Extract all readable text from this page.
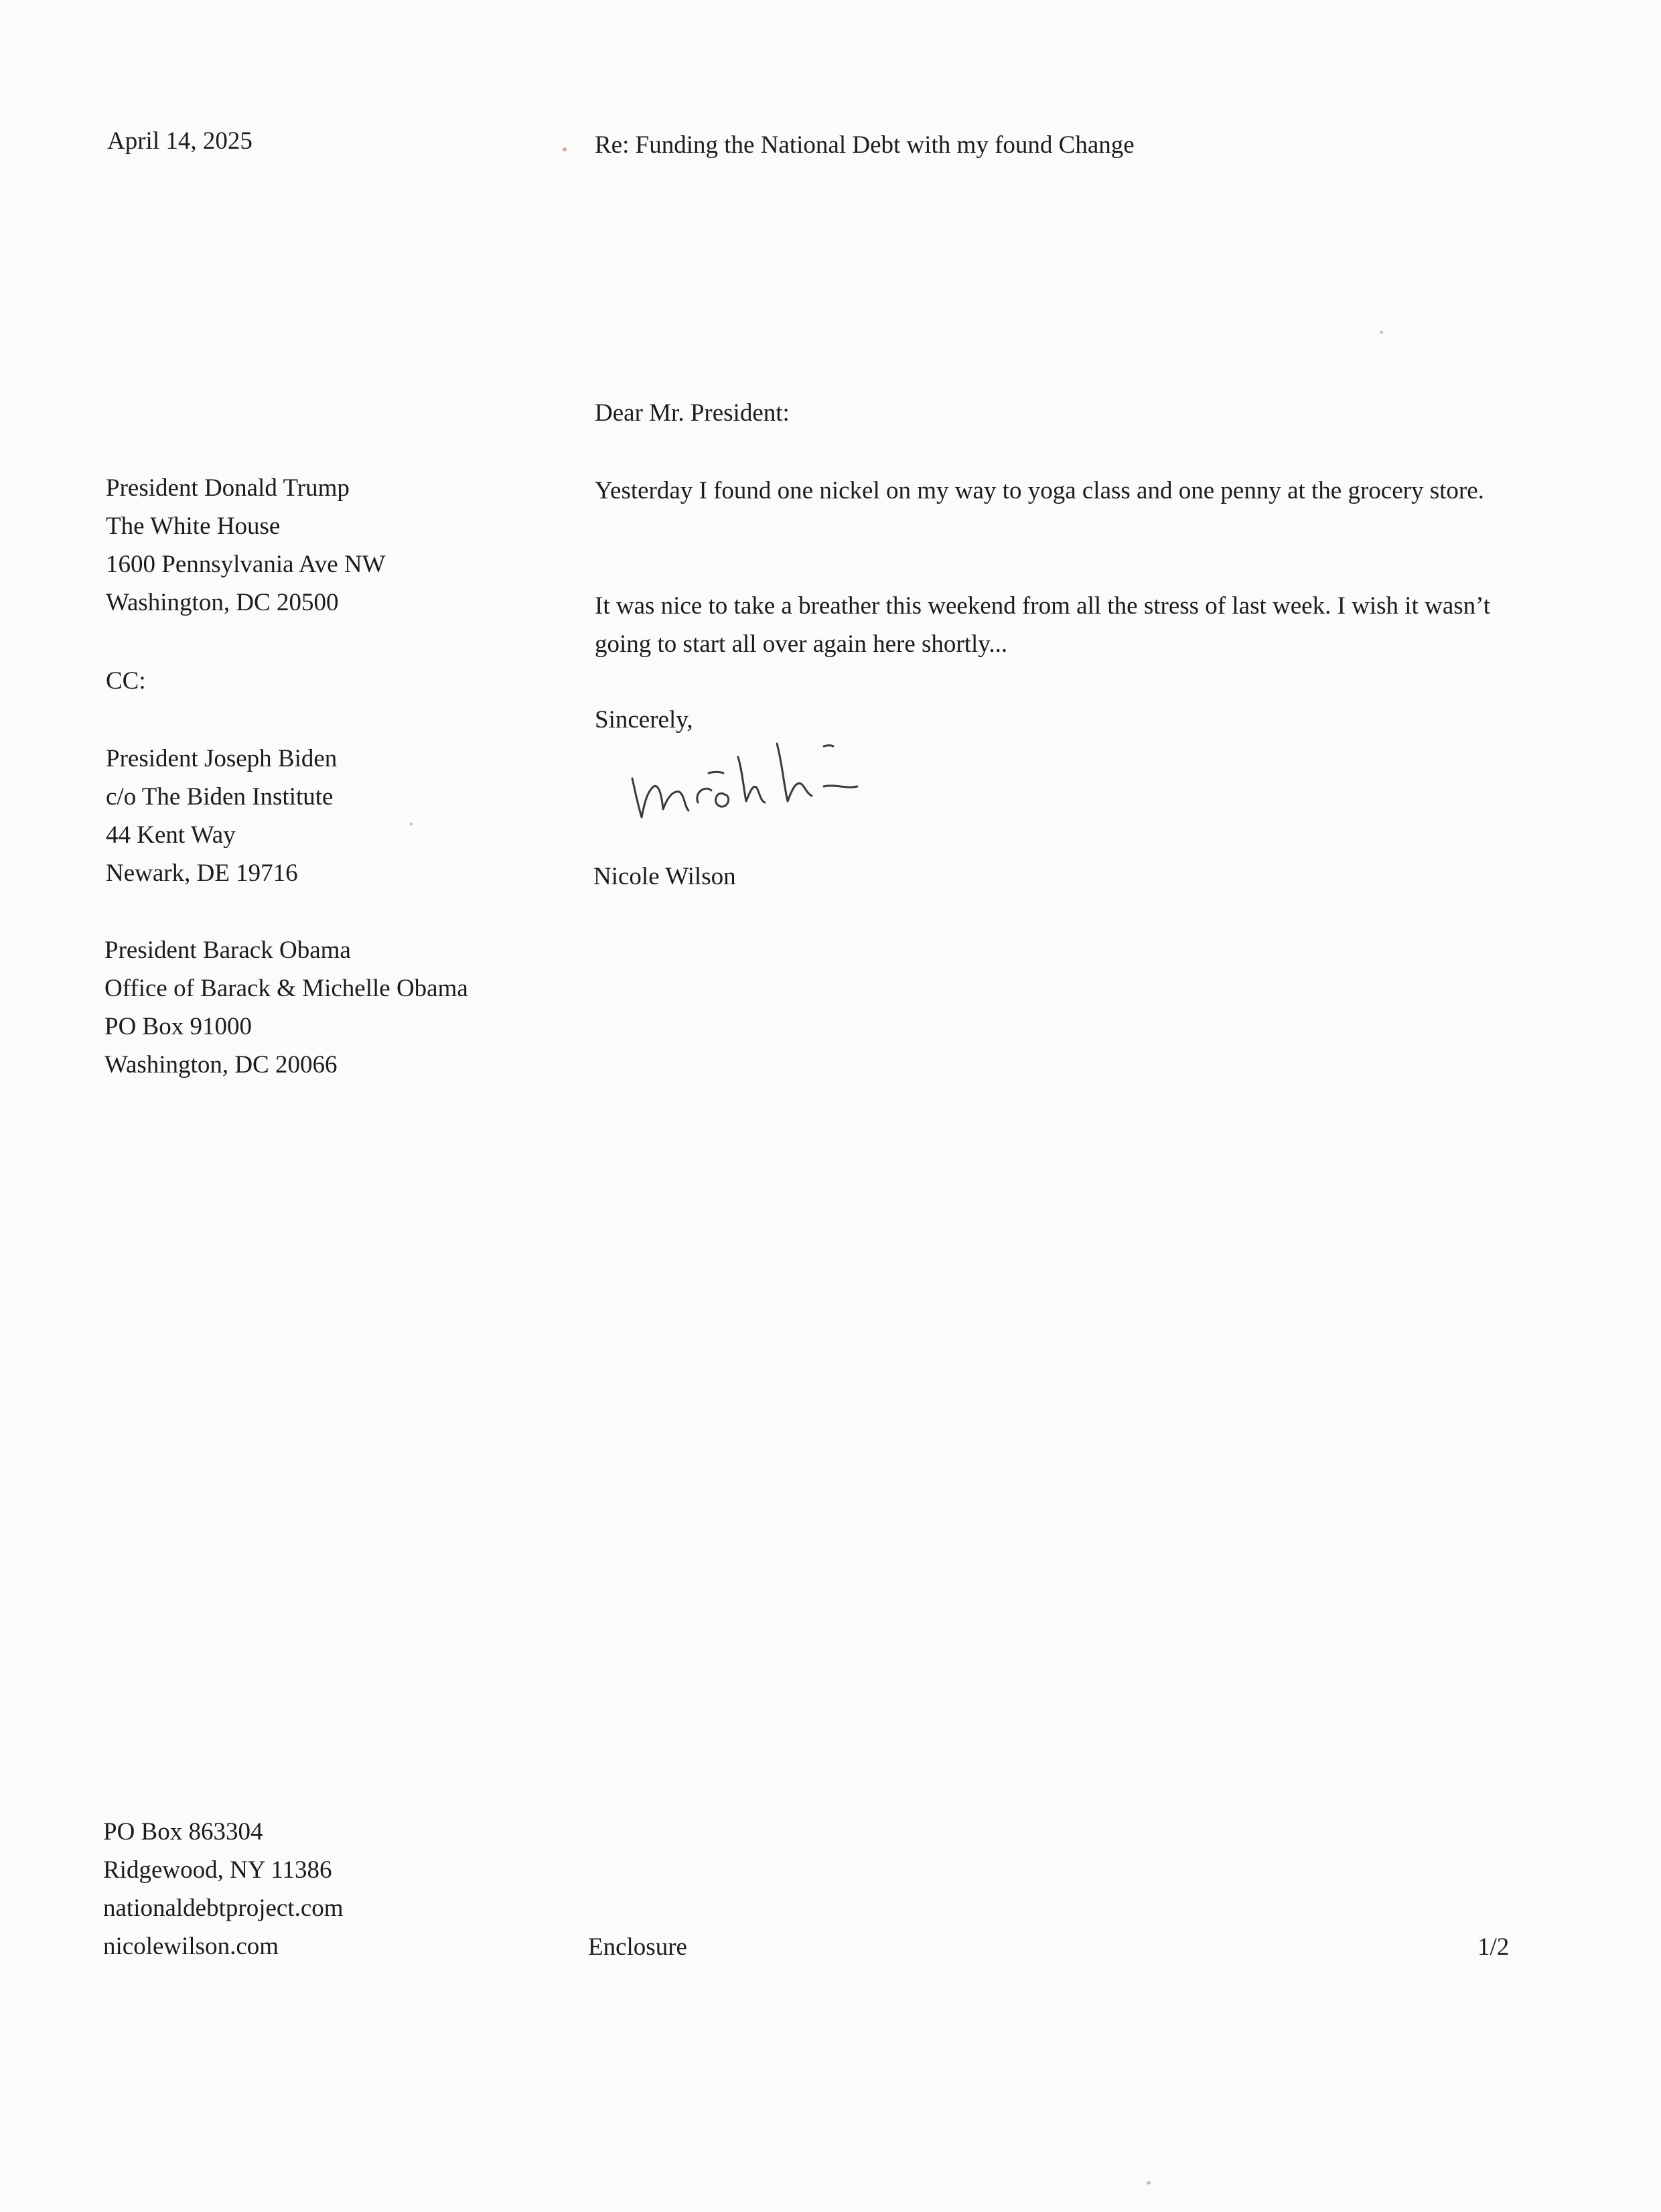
April 14, 2025	Re: Funding the National Debt with my found Change

Dear Mr. President:

President Donald Trump
The White House
1600 Pennsylvania Ave NW
Washington, DC 20500

CC:

President Joseph Biden
c/o The Biden Institute
44 Kent Way
Newark, DE 19716
President Barack Obama
Office of Barack & Michelle Obama
PO Box 91000
Washington, DC 20066

Yesterday I found one nickel on my way to yoga class and one penny at the grocery store.

It was nice to take a breather this weekend from all the stress of last week. I wish it wasn’t going to start all over again here shortly...

Sincerely,

Nicole Wilson

PO Box 863304
Ridgewood, NY 11386
nationaldebtproject.com
nicolewilson.com	Enclosure	1/2
